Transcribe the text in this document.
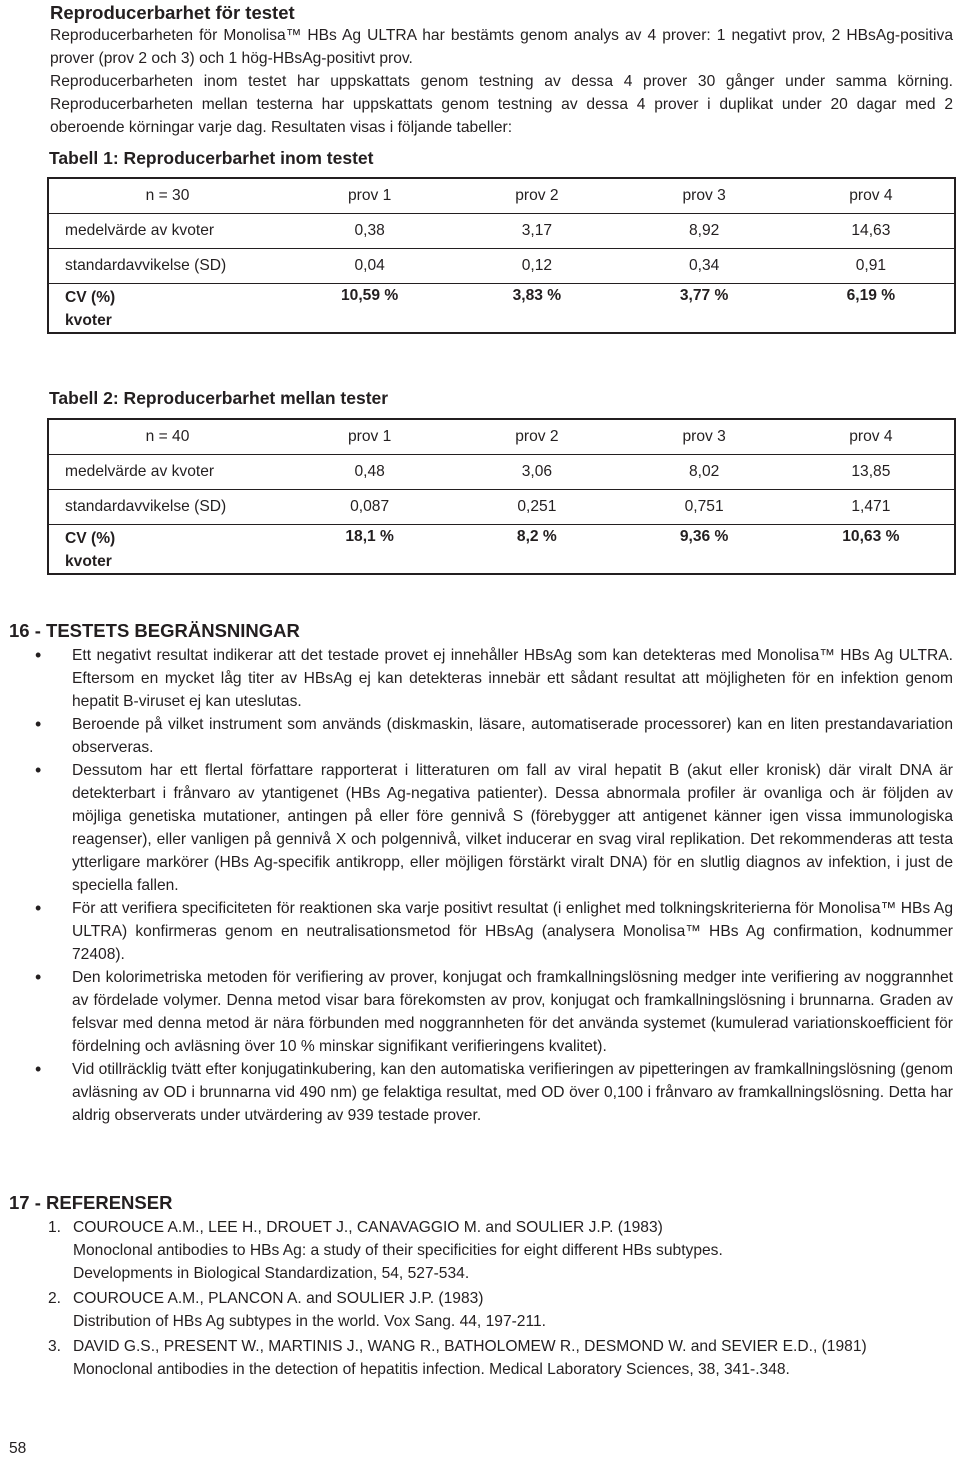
Reproducerbarhet för testet

Reproducerbarheten för Monolisa™ HBs Ag ULTRA har bestämts genom analys av 4 prover: 1 negativt prov, 2 HBsAg-positiva prover (prov 2 och 3) och 1 hög-HBsAg-positivt prov.

Reproducerbarheten inom testet har uppskattats genom testning av dessa 4 prover 30 gånger under samma körning. Reproducerbarheten mellan testerna har uppskattats genom testning av dessa 4 prover i duplikat under 20 dagar med 2 oberoende körningar varje dag. Resultaten visas i följande tabeller:

Tabell 1: Reproducerbarhet inom testet
n = 30	prov 1	prov 2	prov 3	prov 4
medelvärde av kvoter	0,38	3,17	8,92	14,63
standardavvikelse (SD)	0,04	0,12	0,34	0,91

CV (%)
kvoter	10,59 %	3,83 %	3,77 %	6,19 %
Tabell 2: Reproducerbarhet mellan tester
n = 40	prov 1	prov 2	prov 3	prov 4
medelvärde av kvoter	0,48	3,06	8,02	13,85
standardavvikelse (SD)	0,087	0,251	0,751	1,471

CV (%)
kvoter	18,1 %	8,2 %	9,36 %	10,63 %
16 - TESTETS BEGRÄNSNINGAR
• Ett negativt resultat indikerar att det testade provet ej innehåller HBsAg som kan detekteras med Monolisa™ HBs Ag ULTRA. Eftersom en mycket låg titer av HBsAg ej kan detekteras innebär ett sådant resultat att möjligheten för en infektion genom hepatit B-viruset ej kan uteslutas.
• Beroende på vilket instrument som används (diskmaskin, läsare, automatiserade processorer) kan en liten prestandavariation observeras.
• Dessutom har ett flertal författare rapporterat i litteraturen om fall av viral hepatit B (akut eller kronisk) där viralt DNA är detekterbart i frånvaro av ytantigenet (HBs Ag-negativa patienter). Dessa abnormala profiler är ovanliga och är följden av möjliga genetiska mutationer, antingen på eller före gennivå S (förebygger att antigenet känner igen vissa immunologiska reagenser), eller vanligen på gennivå X och polgennivå, vilket inducerar en svag viral replikation. Det rekommenderas att testa ytterligare markörer (HBs Ag-specifik antikropp, eller möjligen förstärkt viralt DNA) för en slutlig diagnos av infektion, i just de speciella fallen.
• För att verifiera specificiteten för reaktionen ska varje positivt resultat (i enlighet med tolkningskriterierna för Monolisa™ HBs Ag ULTRA) konfirmeras genom en neutralisationsmetod för HBsAg (analysera Monolisa™ HBs Ag confirmation, kodnummer 72408).
• Den kolorimetriska metoden för verifiering av prover, konjugat och framkallningslösning medger inte verifiering av noggrannhet av fördelade volymer. Denna metod visar bara förekomsten av prov, konjugat och framkallningslösning i brunnarna. Graden av felsvar med denna metod är nära förbunden med noggrannheten för det använda systemet (kumulerad variationskoefficient för fördelning och avläsning över 10 % minskar signifikant verifieringens kvalitet).
• Vid otillräcklig tvätt efter konjugatinkubering, kan den automatiska verifieringen av pipetteringen av framkallningslösning (genom avläsning av OD i brunnarna vid 490 nm) ge felaktiga resultat, med OD över 0,100 i frånvaro av framkallningslösning. Detta har aldrig observerats under utvärdering av 939 testade prover.
17 - REFERENSER
1. COUROUCE A.M., LEE H., DROUET J., CANAVAGGIO M. and SOULIER J.P. (1983)
Monoclonal antibodies to HBs Ag: a study of their specificities for eight different HBs subtypes.
Developments in Biological Standardization, 54, 527-534.
2. COUROUCE A.M., PLANCON A. and SOULIER J.P. (1983)
Distribution of HBs Ag subtypes in the world. Vox Sang. 44, 197-211.
3. DAVID G.S., PRESENT W., MARTINIS J., WANG R., BATHOLOMEW R., DESMOND W. and SEVIER E.D., (1981)
Monoclonal antibodies in the detection of hepatitis infection. Medical Laboratory Sciences, 38, 341-.348.
58
